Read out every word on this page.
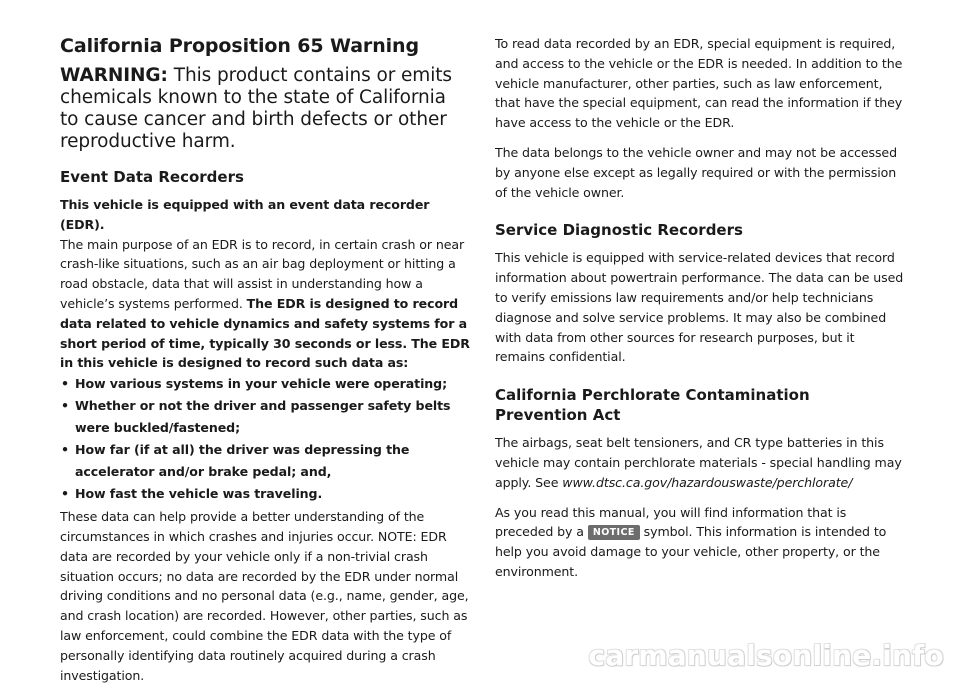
California Proposition 65 Warning

WARNING: This product contains or emits chemicals known to the state of California to cause cancer and birth defects or other reproductive harm.

Event Data Recorders

This vehicle is equipped with an event data recorder (EDR).

The main purpose of an EDR is to record, in certain crash or near crash-like situations, such as an air bag deployment or hitting a road obstacle, data that will assist in understanding how a vehicle’s systems performed. The EDR is designed to record data related to vehicle dynamics and safety systems for a short period of time, typically 30 seconds or less. The EDR in this vehicle is designed to record such data as:

• How various systems in your vehicle were operating;
• Whether or not the driver and passenger safety belts were buckled/fastened;
• How far (if at all) the driver was depressing the accelerator and/or brake pedal; and,
• How fast the vehicle was traveling.

These data can help provide a better understanding of the circumstances in which crashes and injuries occur. NOTE: EDR data are recorded by your vehicle only if a non-trivial crash situation occurs; no data are recorded by the EDR under normal driving conditions and no personal data (e.g., name, gender, age, and crash location) are recorded. However, other parties, such as law enforcement, could combine the EDR data with the type of personally identifying data routinely acquired during a crash investigation.

To read data recorded by an EDR, special equipment is required, and access to the vehicle or the EDR is needed. In addition to the vehicle manufacturer, other parties, such as law enforcement, that have the special equipment, can read the information if they have access to the vehicle or the EDR.

The data belongs to the vehicle owner and may not be accessed by anyone else except as legally required or with the permission of the vehicle owner.

Service Diagnostic Recorders

This vehicle is equipped with service-related devices that record information about powertrain performance. The data can be used to verify emissions law requirements and/or help technicians diagnose and solve service problems. It may also be combined with data from other sources for research purposes, but it remains confidential.

California Perchlorate Contamination Prevention Act

The airbags, seat belt tensioners, and CR type batteries in this vehicle may contain perchlorate materials - special handling may apply. See www.dtsc.ca.gov/hazardouswaste/perchlorate/

As you read this manual, you will find information that is preceded by a NOTICE symbol. This information is intended to help you avoid damage to your vehicle, other property, or the environment.

carmanualsonline.info
